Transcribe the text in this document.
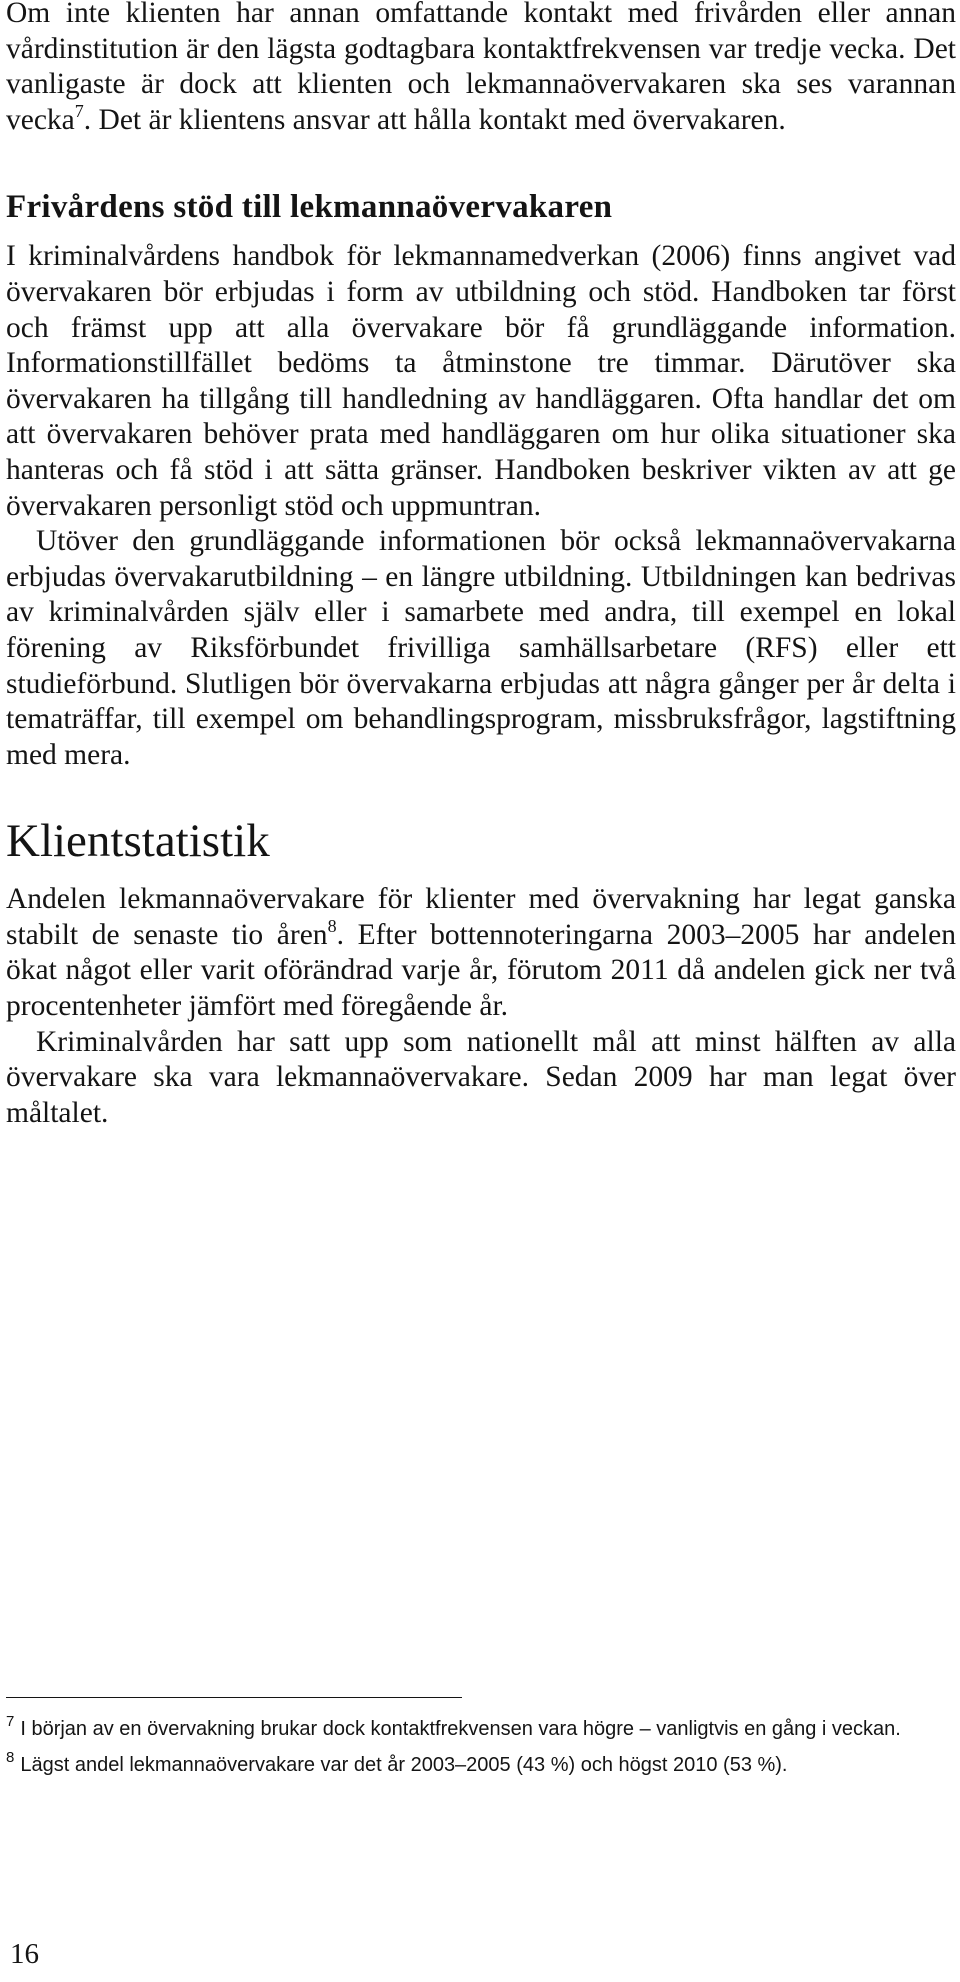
Om inte klienten har annan omfattande kontakt med frivården eller annan vårdinstitution är den lägsta godtagbara kontaktfrekvensen var tredje vecka. Det vanligaste är dock att klienten och lekmannaövervakaren ska ses varannan vecka$^7$. Det är klientens ansvar att hålla kontakt med övervakaren.

Frivårdens stöd till lekmannaövervakaren

I kriminalvårdens handbok för lekmannamedverkan (2006) finns angivet vad övervakaren bör erbjudas i form av utbildning och stöd. Handboken tar först och främst upp att alla övervakare bör få grundläggande information. Informationstillfället bedöms ta åtminstone tre timmar. Därutöver ska övervakaren ha tillgång till handledning av handläggaren. Ofta handlar det om att övervakaren behöver prata med handläggaren om hur olika situationer ska hanteras och få stöd i att sätta gränser. Handboken beskriver vikten av att ge övervakaren personligt stöd och uppmuntran.

Utöver den grundläggande informationen bör också lekmannaövervakarna erbjudas övervakarutbildning – en längre utbildning. Utbildningen kan bedrivas av kriminalvården själv eller i samarbete med andra, till exempel en lokal förening av Riksförbundet frivilliga samhällsarbetare (RFS) eller ett studieförbund. Slutligen bör övervakarna erbjudas att några gånger per år delta i tematräffar, till exempel om behandlingsprogram, missbruksfrågor, lagstiftning med mera.

Klientstatistik

Andelen lekmannaövervakare för klienter med övervakning har legat ganska stabilt de senaste tio åren$^8$. Efter bottennoteringarna 2003–2005 har andelen ökat något eller varit oförändrad varje år, förutom 2011 då andelen gick ner två procentenheter jämfört med föregående år.

Kriminalvården har satt upp som nationellt mål att minst hälften av alla övervakare ska vara lekmannaövervakare. Sedan 2009 har man legat över måltalet.

$^7$ I början av en övervakning brukar dock kontaktfrekvensen vara högre – vanligtvis en gång i veckan.

$^8$ Lägst andel lekmannaövervakare var det år 2003–2005 (43 %) och högst 2010 (53 %).

16
